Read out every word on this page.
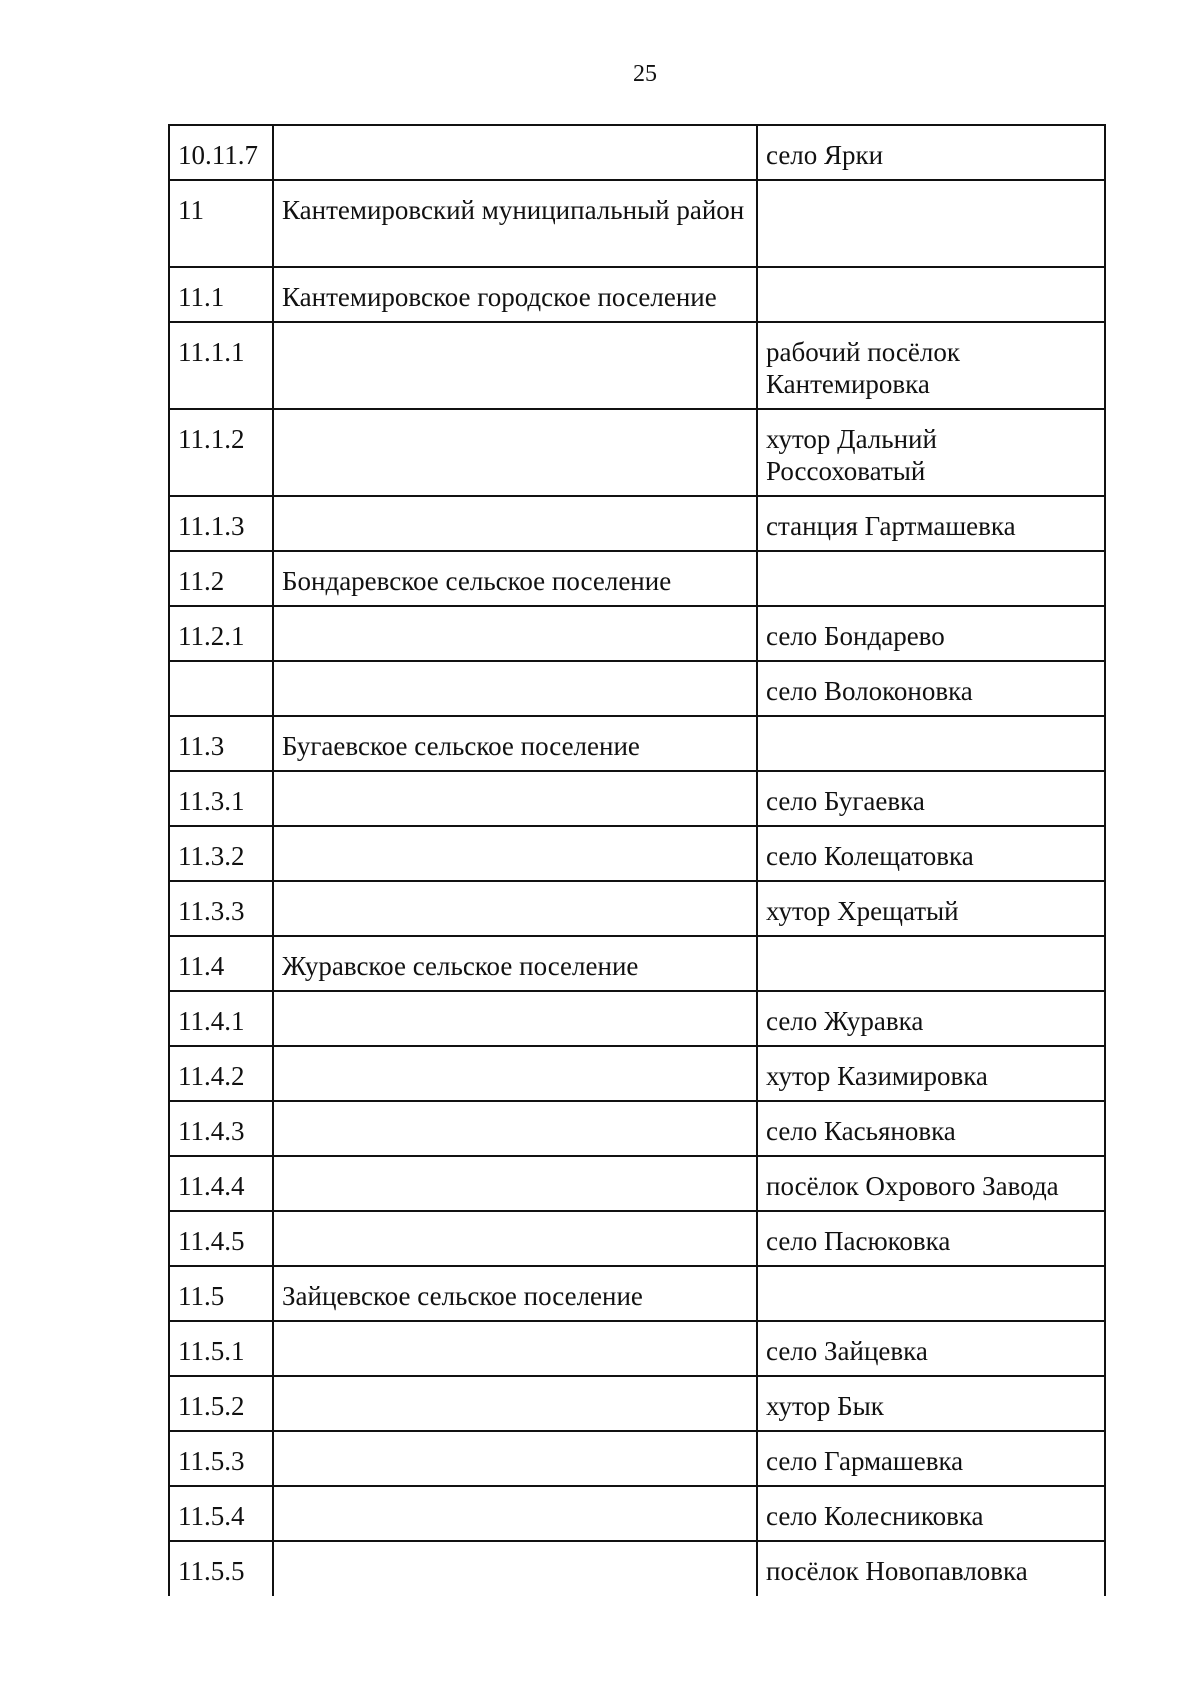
25
10.11.7		село Ярки
11	Кантемировский муниципальный район	
11.1	Кантемировское городское поселение	
11.1.1		рабочий посёлок Кантемировка
11.1.2		хутор Дальний Россоховатый
11.1.3		станция Гартмашевка
11.2	Бондаревское сельское поселение	
11.2.1		село Бондарево
		село Волоконовка
11.3	Бугаевское сельское поселение	
11.3.1		село Бугаевка
11.3.2		село Колещатовка
11.3.3		хутор Хрещатый
11.4	Журавское сельское поселение	
11.4.1		село Журавка
11.4.2		хутор Казимировка
11.4.3		село Касьяновка
11.4.4		посёлок Охрового Завода
11.4.5		село Пасюковка
11.5	Зайцевское сельское поселение	
11.5.1		село Зайцевка
11.5.2		хутор Бык
11.5.3		село Гармашевка
11.5.4		село Колесниковка
11.5.5		посёлок Новопавловка
